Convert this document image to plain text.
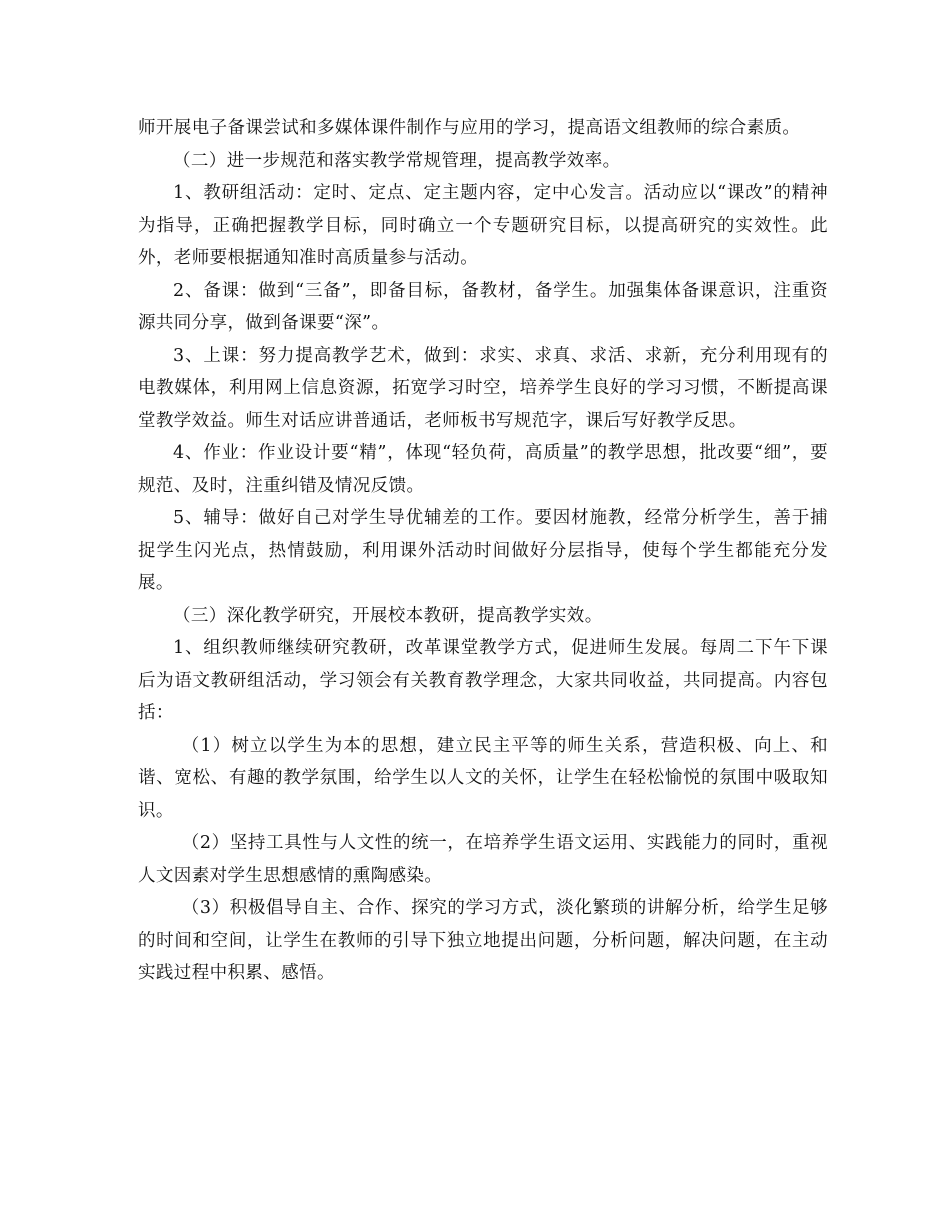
师开展电子备课尝试和多媒体课件制作与应用的学习，提高语文组教师的综合素质。

（二）进一步规范和落实教学常规管理，提高教学效率。

1、教研组活动：定时、定点、定主题内容，定中心发言。活动应以“课改”的精神为指导，正确把握教学目标，同时确立一个专题研究目标，以提高研究的实效性。此外，老师要根据通知准时高质量参与活动。

2、备课：做到“三备”，即备目标，备教材，备学生。加强集体备课意识，注重资源共同分享，做到备课要“深”。

3、上课：努力提高教学艺术，做到：求实、求真、求活、求新，充分利用现有的电教媒体，利用网上信息资源，拓宽学习时空，培养学生良好的学习习惯，不断提高课堂教学效益。师生对话应讲普通话，老师板书写规范字，课后写好教学反思。

4、作业：作业设计要“精”，体现“轻负荷，高质量”的教学思想，批改要“细”，要规范、及时，注重纠错及情况反馈。

5、辅导：做好自己对学生导优辅差的工作。要因材施教，经常分析学生，善于捕捉学生闪光点，热情鼓励，利用课外活动时间做好分层指导，使每个学生都能充分发展。

（三）深化教学研究，开展校本教研，提高教学实效。

1、组织教师继续研究教研，改革课堂教学方式，促进师生发展。每周二下午下课后为语文教研组活动，学习领会有关教育教学理念，大家共同收益，共同提高。内容包括：

（1）树立以学生为本的思想，建立民主平等的师生关系，营造积极、向上、和谐、宽松、有趣的教学氛围，给学生以人文的关怀，让学生在轻松愉悦的氛围中吸取知识。

（2）坚持工具性与人文性的统一，在培养学生语文运用、实践能力的同时，重视人文因素对学生思想感情的熏陶感染。

（3）积极倡导自主、合作、探究的学习方式，淡化繁琐的讲解分析，给学生足够的时间和空间，让学生在教师的引导下独立地提出问题，分析问题，解决问题，在主动实践过程中积累、感悟。
